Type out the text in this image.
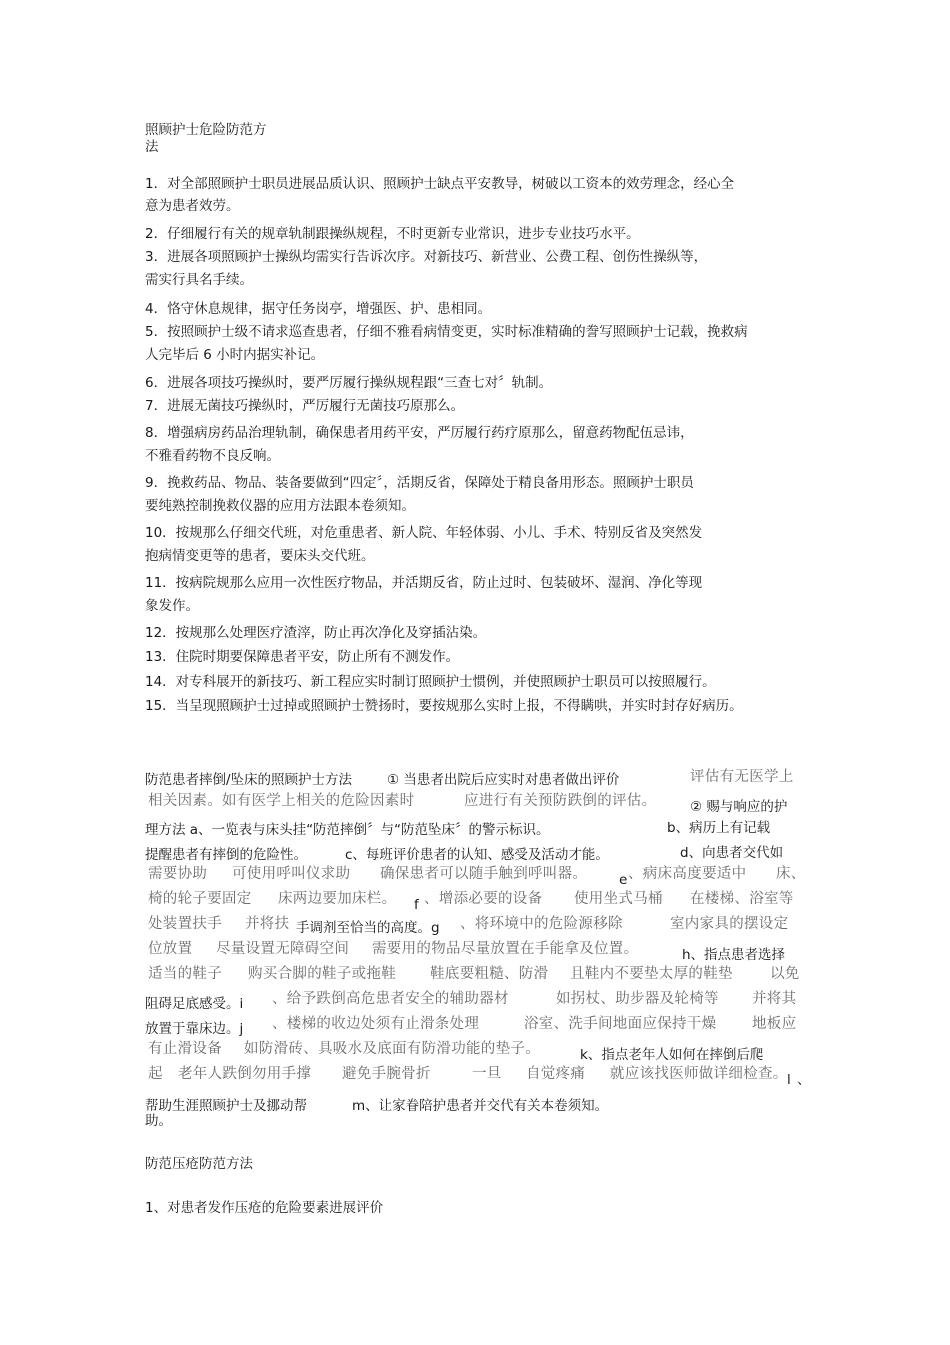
照顾护士危险防范方
法
1．对全部照顾护士职员进展品质认识、照顾护士缺点平安教导，树破以工资本的效劳理念，经心全
意为患者效劳。
2．仔细履行有关的规章轨制跟操纵规程，不时更新专业常识，进步专业技巧水平。
3．进展各项照顾护士操纵均需实行告诉次序。对新技巧、新营业、公费工程、创伤性操纵等，
需实行具名手续。
4．恪守休息规律，据守任务岗亭，增强医、护、患相同。
5．按照顾护士级不请求巡查患者，仔细不雅看病情变更，实时标准精确的誊写照顾护士记载，挽救病
人完毕后 6 小时内据实补记。
6．进展各项技巧操纵时，要严厉履行操纵规程跟“三查七对〞轨制。
7．进展无菌技巧操纵时，严厉履行无菌技巧原那么。
8．增强病房药品治理轨制，确保患者用药平安，严厉履行药疗原那么，留意药物配伍忌讳，
不雅看药物不良反响。
9．挽救药品、物品、装备要做到“四定〞，活期反省，保障处于精良备用形态。照顾护士职员
要纯熟控制挽救仪器的应用方法跟本卷须知。
10．按规那么仔细交代班，对危重患者、新人院、年轻体弱、小儿、手术、特别反省及突然发
抱病情变更等的患者，要床头交代班。
11．按病院规那么应用一次性医疗物品，并活期反省，防止过时、包装破坏、湿润、净化等现
象发作。
12．按规那么处理医疗渣滓，防止再次净化及穿插沾染。
13．住院时期要保障患者平安，防止所有不测发作。
14．对专科展开的新技巧、新工程应实时制订照顾护士惯例，并使照顾护士职员可以按照履行。
15．当呈现照顾护士过掉或照顾护士赞扬时，要按规那么实时上报，不得瞒哄，并实时封存好病历。
防范患者摔倒/坠床的照顾护士方法	① 当患者出院后应实时对患者做出评价	评估有无医学上
相关因素。如有医学上相关的危险因素时	应进行有关预防跌倒的评估。 ② 赐与响应的护
理方法 a、一览表与床头挂“防范摔倒〞与“防范坠床〞的警示标识。	b、病历上有记载
提醒患者有摔倒的危险性。	c、每班评价患者的认知、感受及活动才能。	d、向患者交代如
需要协助 可使用呼叫仪求助 确保患者可以随手触到呼叫器。 e 、病床高度要适中 床、
椅的轮子要固定 床两边要加床栏。 f 、增添必要的设备 使用坐式马桶 在楼梯、浴室等
处装置扶手 并将扶 手调剂至恰当的高度。g 、将环境中的危险源移除	室内家具的摆设定
位放置 尽量设置无障碍空间 需要用的物品尽量放置在手能拿及位置。	h、指点患者选择
适当的鞋子 购买合脚的鞋子或拖鞋 鞋底要粗糙、防滑 且鞋内不要垫太厚的鞋垫	以免
阻碍足底感受。i 、给予跌倒高危患者安全的辅助器材	如拐杖、助步器及轮椅等 并将其
放置于靠床边。j 、楼梯的收边处须有止滑条处理	浴室、洗手间地面应保持干燥 地板应
有止滑设备 如防滑砖、具吸水及底面有防滑功能的垫子。	k、指点老年人如何在摔倒后爬
起 老年人跌倒勿用手撑 避免手腕骨折	一旦 自觉疼痛 就应该找医师做详细检查。 l 、
帮助生涯照顾护士及挪动帮	m、让家眷陪护患者并交代有关本卷须知。
助。
防范压疮防范方法
1、对患者发作压疮的危险要素进展评价
